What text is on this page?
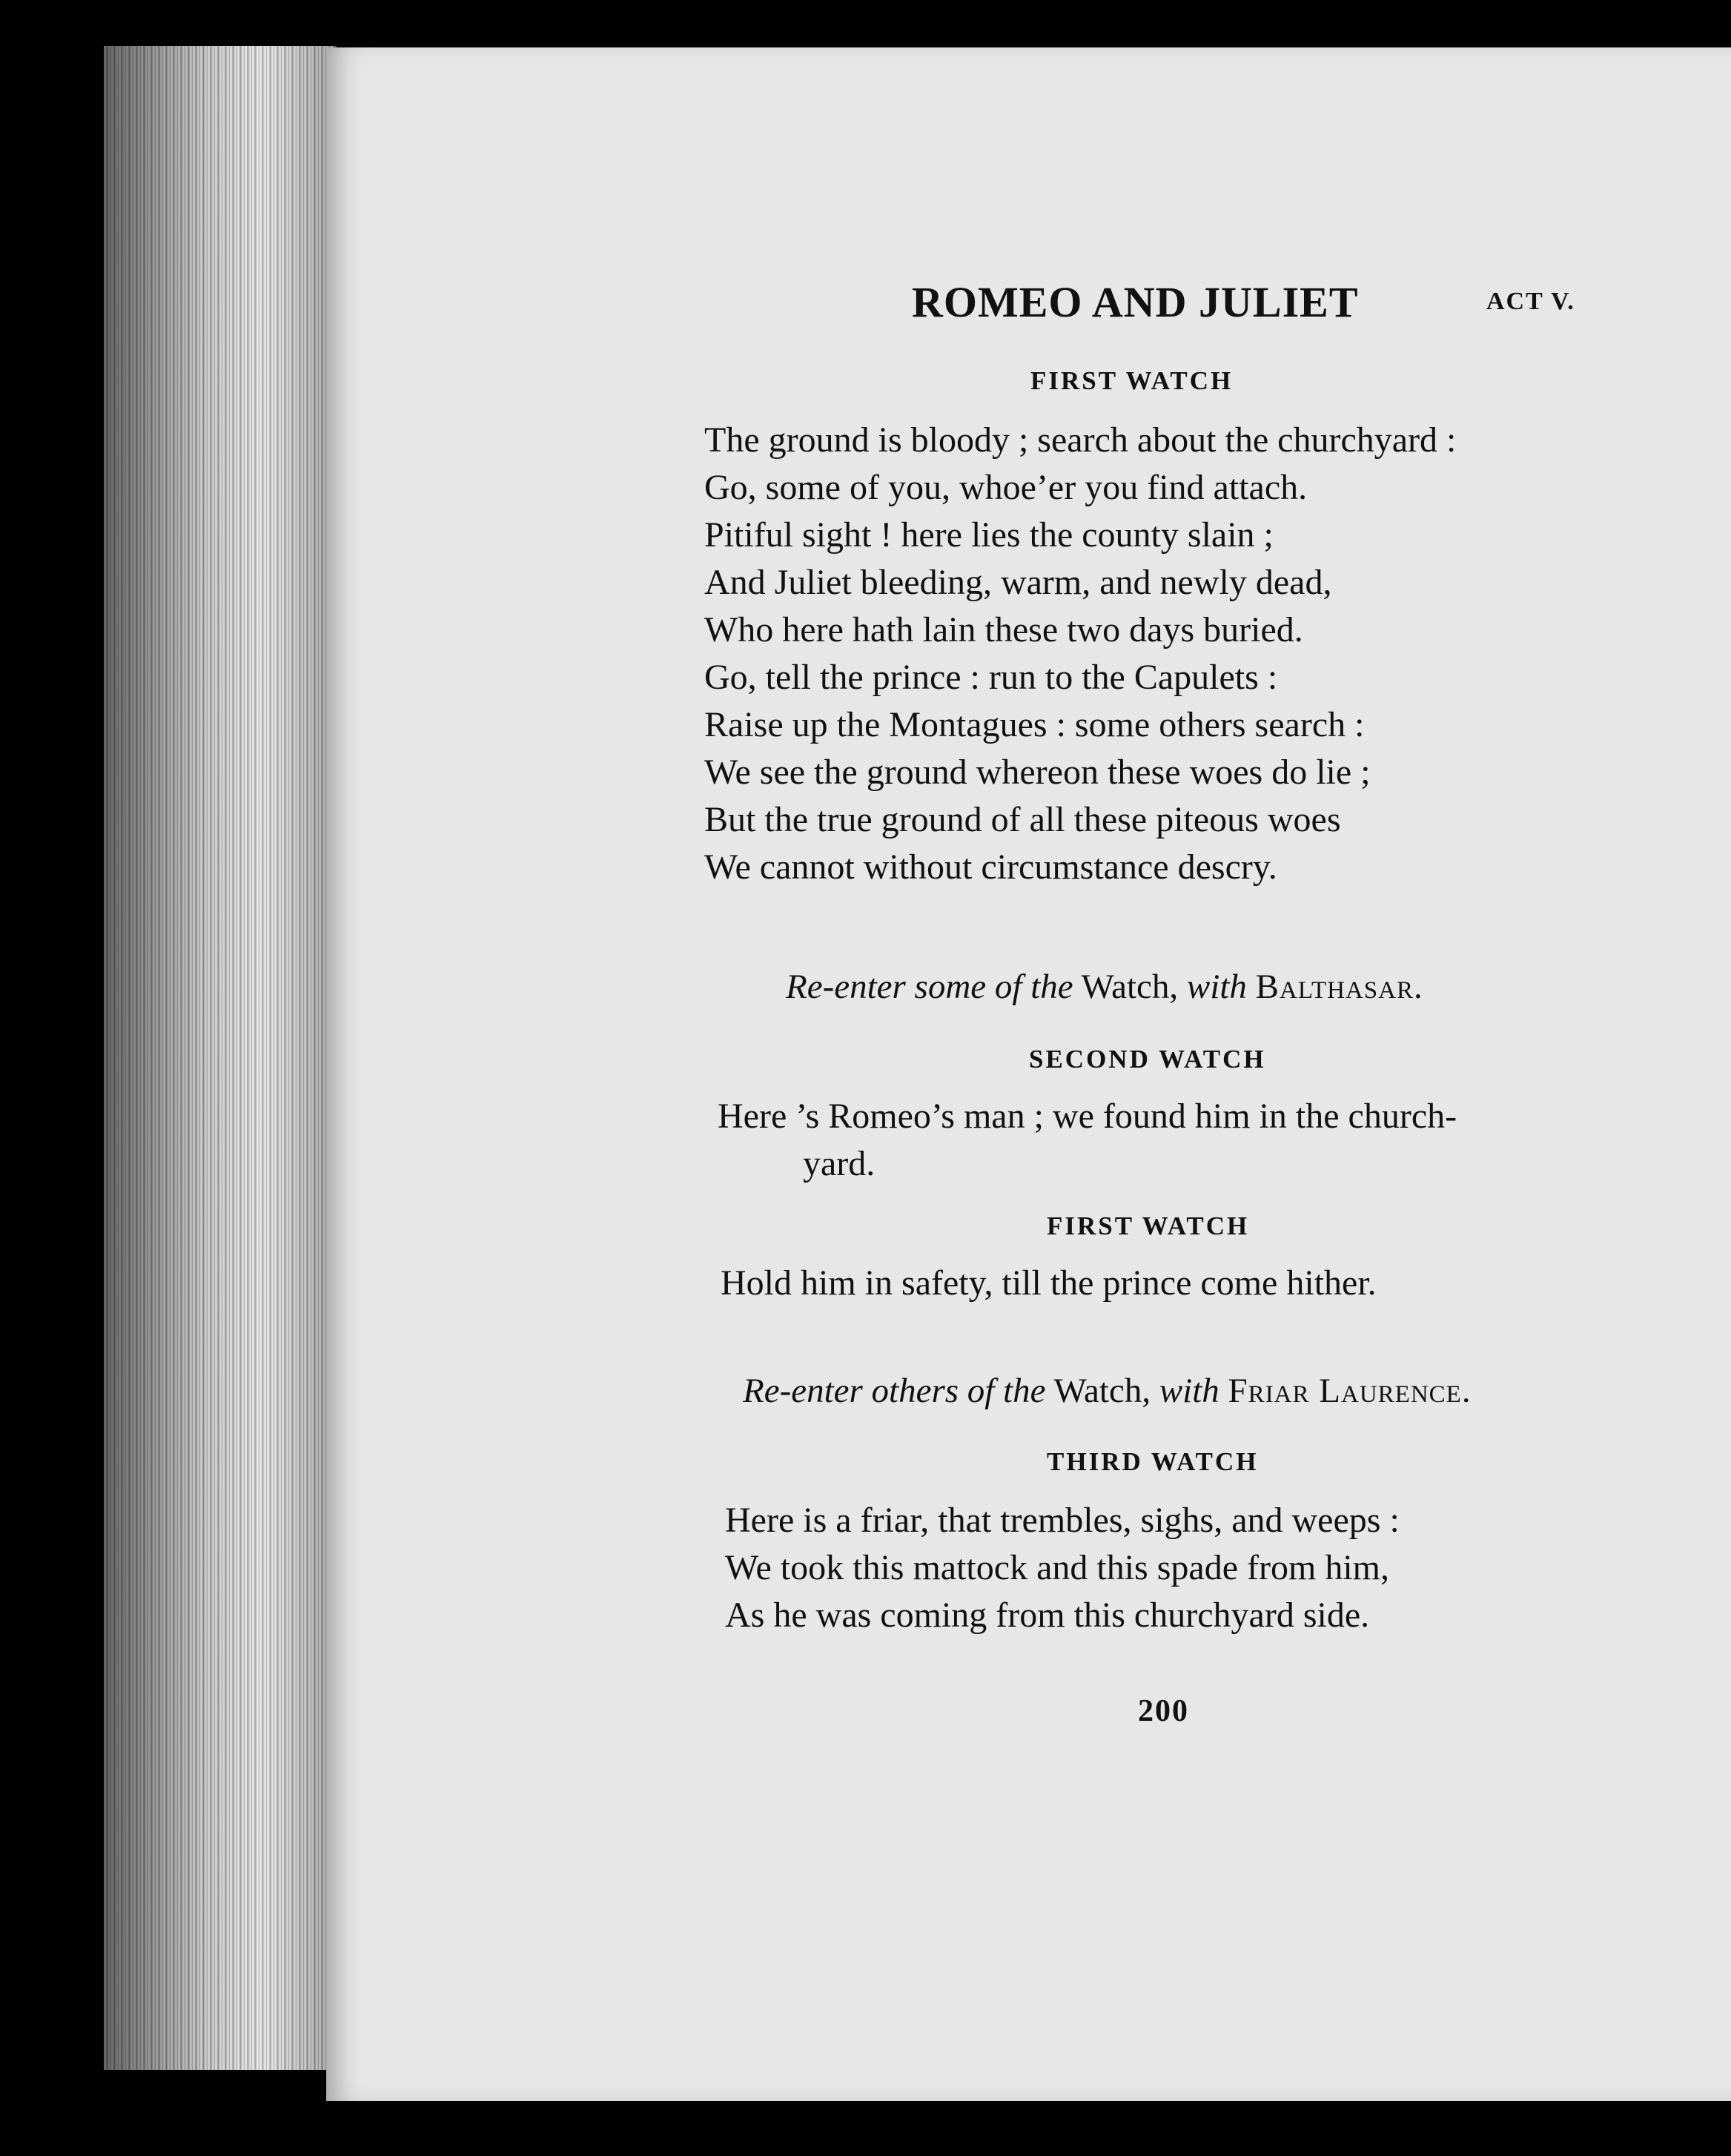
ROMEO AND JULIET	ACT V.
FIRST WATCH
The ground is bloody ; search about the churchyard :
Go, some of you, whoe’er you find attach.
Pitiful sight ! here lies the county slain ;
And Juliet bleeding, warm, and newly dead,
Who here hath lain these two days buried.
Go, tell the prince : run to the Capulets :
Raise up the Montagues : some others search :
We see the ground whereon these woes do lie ;
But the true ground of all these piteous woes
We cannot without circumstance descry.
Re-enter some of the Watch, with Balthasar.
SECOND WATCH
Here ’s Romeo’s man ; we found him in the church-
yard.
FIRST WATCH
Hold him in safety, till the prince come hither.
Re-enter others of the Watch, with Friar Laurence.
THIRD WATCH
Here is a friar, that trembles, sighs, and weeps :
We took this mattock and this spade from him,
As he was coming from this churchyard side.
200
